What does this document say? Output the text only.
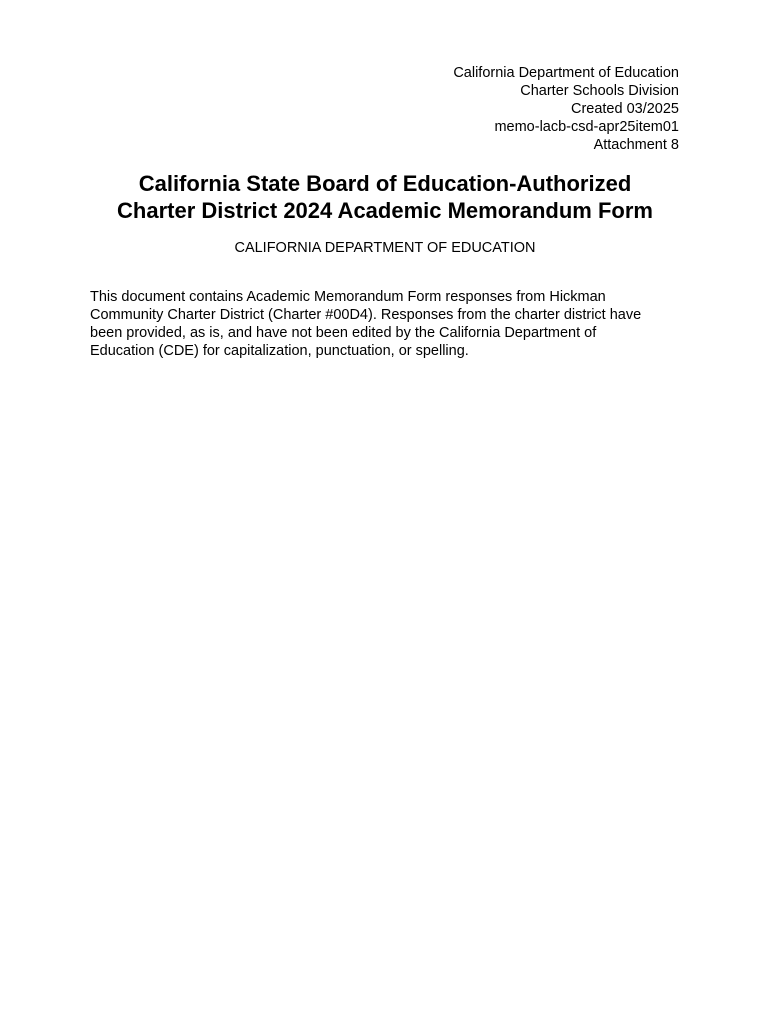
California Department of Education
Charter Schools Division
Created 03/2025
memo-lacb-csd-apr25item01
Attachment 8
California State Board of Education-Authorized
Charter District 2024 Academic Memorandum Form
CALIFORNIA DEPARTMENT OF EDUCATION
This document contains Academic Memorandum Form responses from Hickman
Community Charter District (Charter #00D4). Responses from the charter district have
been provided, as is, and have not been edited by the California Department of
Education (CDE) for capitalization, punctuation, or spelling.
